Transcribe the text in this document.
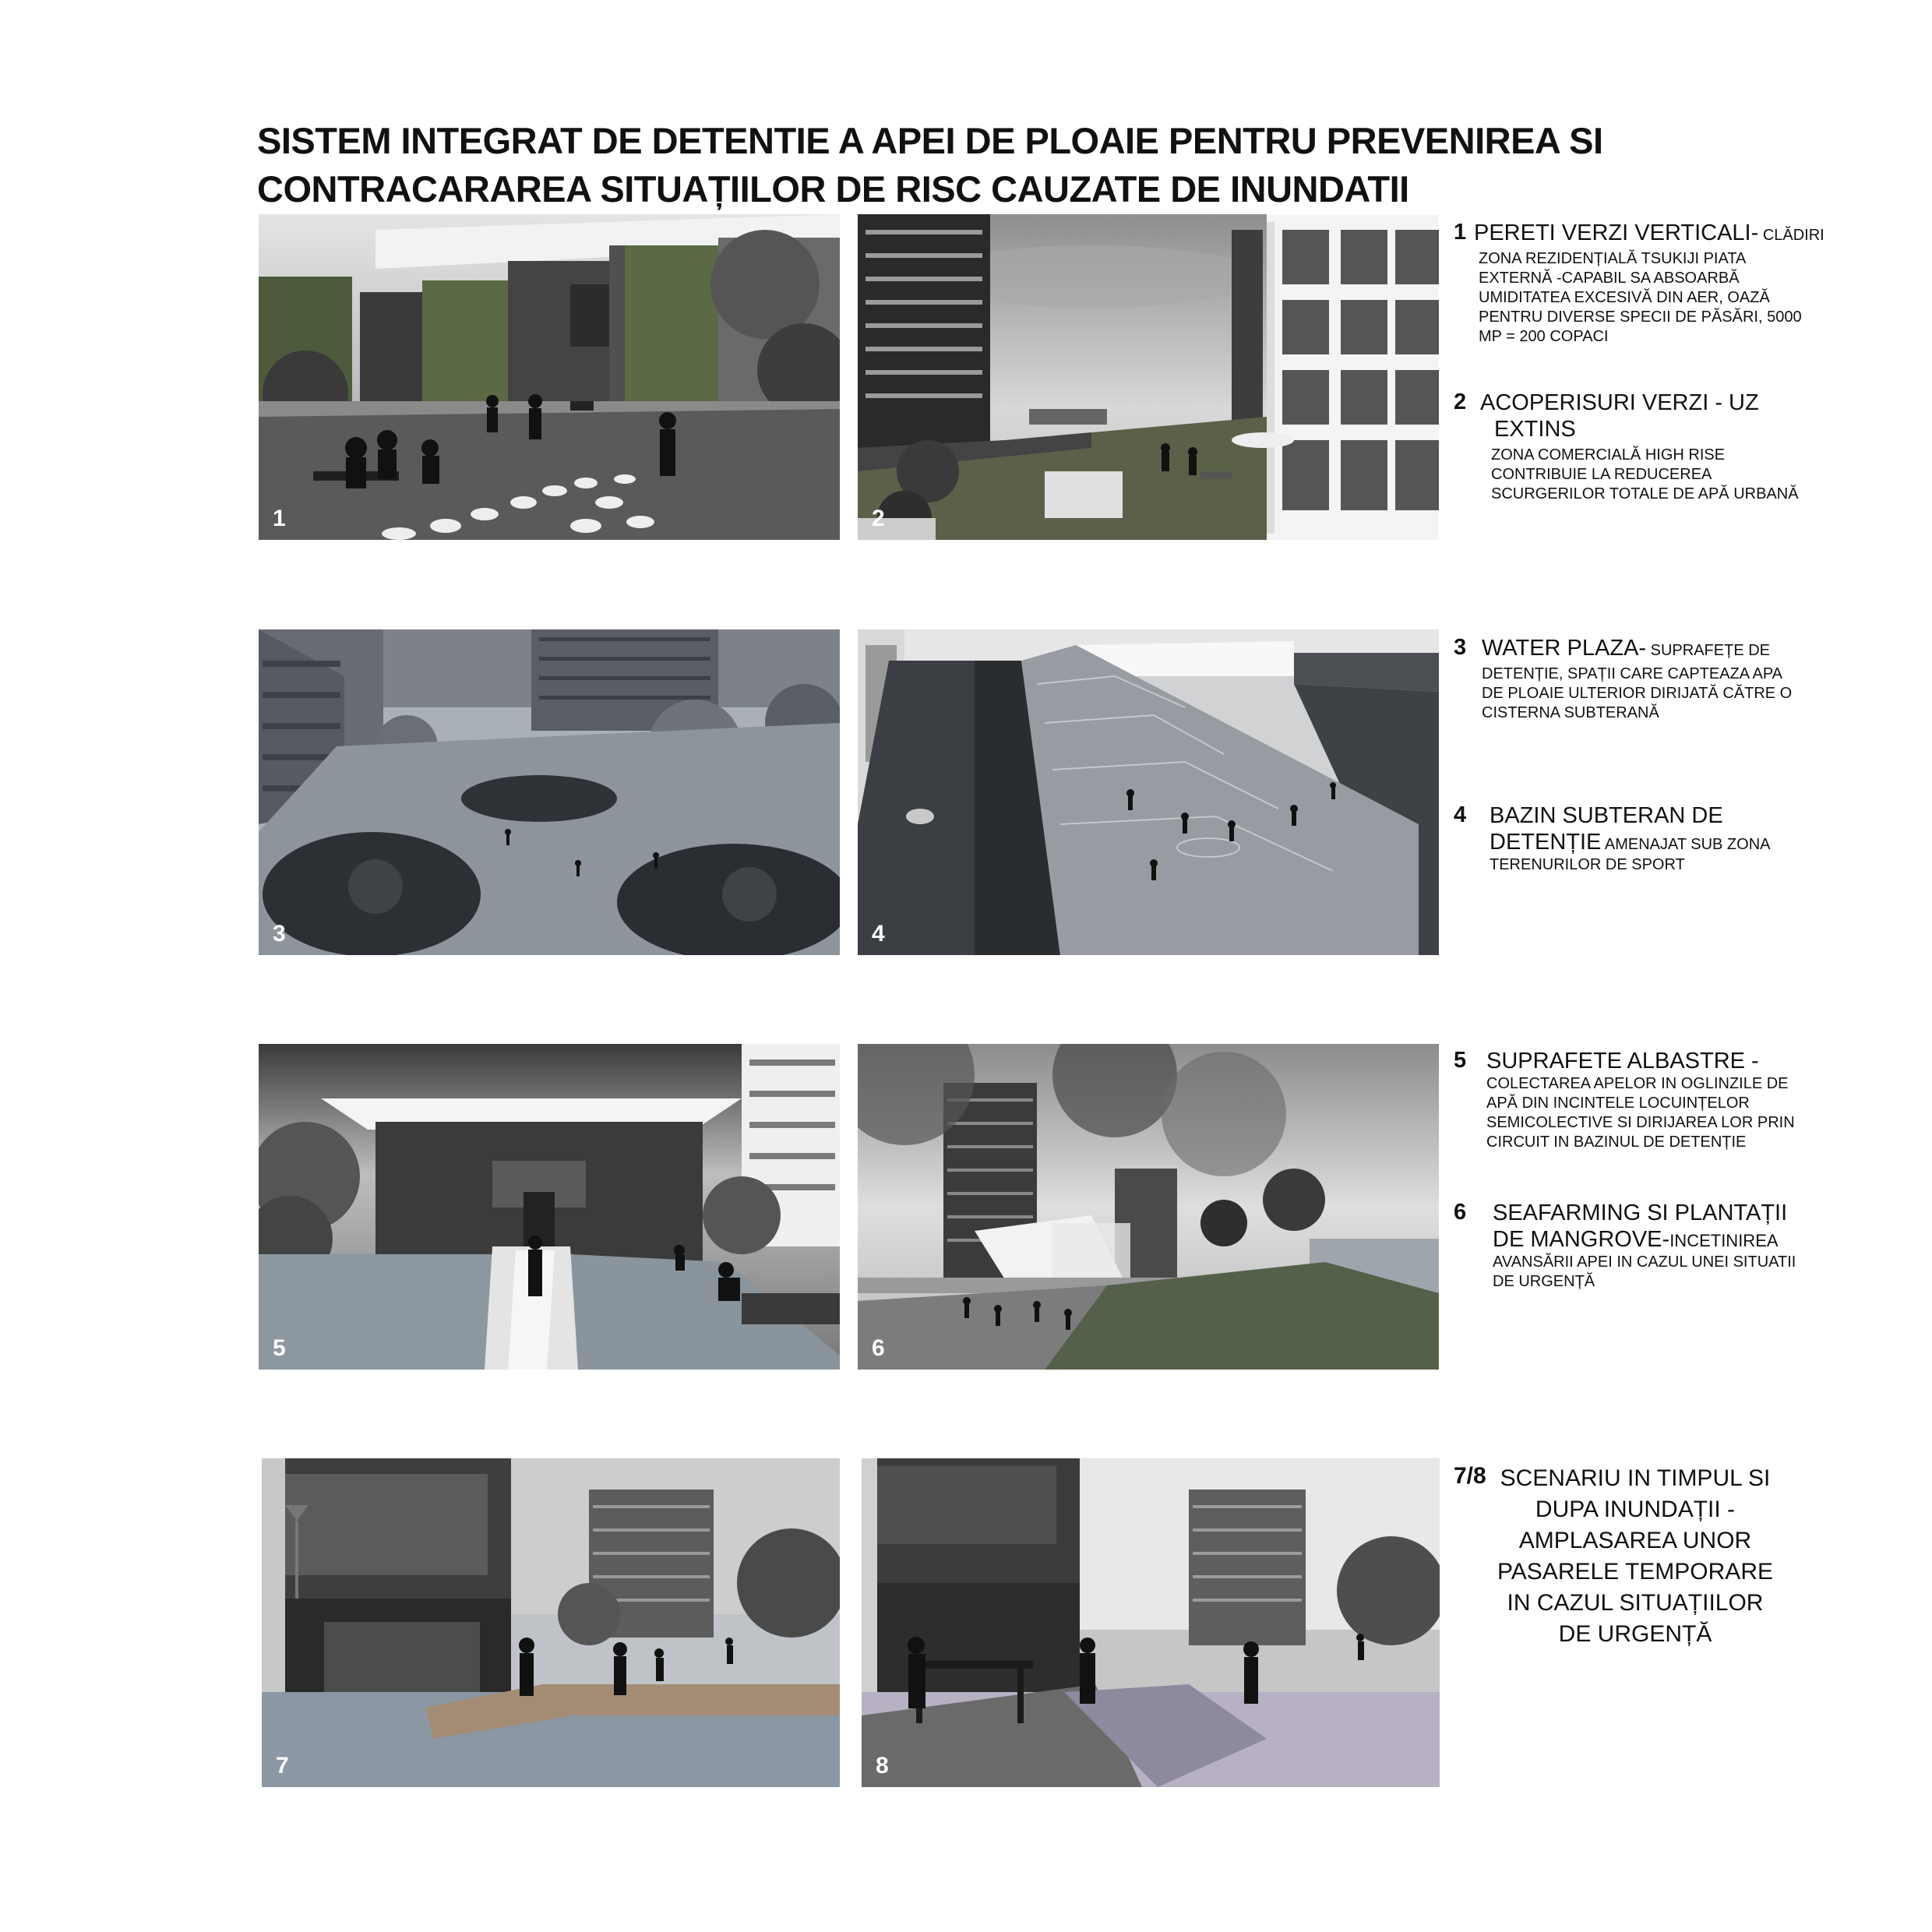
SISTEM INTEGRAT DE DETENTIE A APEI DE PLOAIE PENTRU PREVENIREA SI
CONTRACARAREA SITUAȚIILOR DE RISC CAUZATE DE INUNDATII
1	2
1 PERETI VERZI VERTICALI- CLĂDIRI
ZONA REZIDENȚIALĂ TSUKIJI PIATA
EXTERNĂ -CAPABIL SA ABSOARBĂ
UMIDITATEA EXCESIVĂ DIN AER, OAZĂ
PENTRU DIVERSE SPECII DE PĂSĂRI, 5000
MP = 200 COPACI
2 ACOPERISURI VERZI - UZ
EXTINS
ZONA COMERCIALĂ HIGH RISE
CONTRIBUIE LA REDUCEREA
SCURGERILOR TOTALE DE APĂ URBANĂ
3	4
3 WATER PLAZA- SUPRAFEȚE DE
DETENȚIE, SPAȚII CARE CAPTEAZA APA
DE PLOAIE ULTERIOR DIRIJATĂ CĂTRE O
CISTERNA SUBTERANĂ
4 BAZIN SUBTERAN DE
DETENȚIE AMENAJAT SUB ZONA
TERENURILOR DE SPORT
5	6
5 SUPRAFETE ALBASTRE -
COLECTAREA APELOR IN OGLINZILE DE
APĂ DIN INCINTELE LOCUINȚELOR
SEMICOLECTIVE SI DIRIJAREA LOR PRIN
CIRCUIT IN BAZINUL DE DETENȚIE
6 SEAFARMING SI PLANTAȚII
DE MANGROVE-INCETINIREA
AVANSĂRII APEI IN CAZUL UNEI SITUATII
DE URGENȚĂ
7	8
7/8 SCENARIU IN TIMPUL SI
DUPA INUNDAȚII -
AMPLASAREA UNOR
PASARELE TEMPORARE
IN CAZUL SITUAȚIILOR
DE URGENȚĂ
